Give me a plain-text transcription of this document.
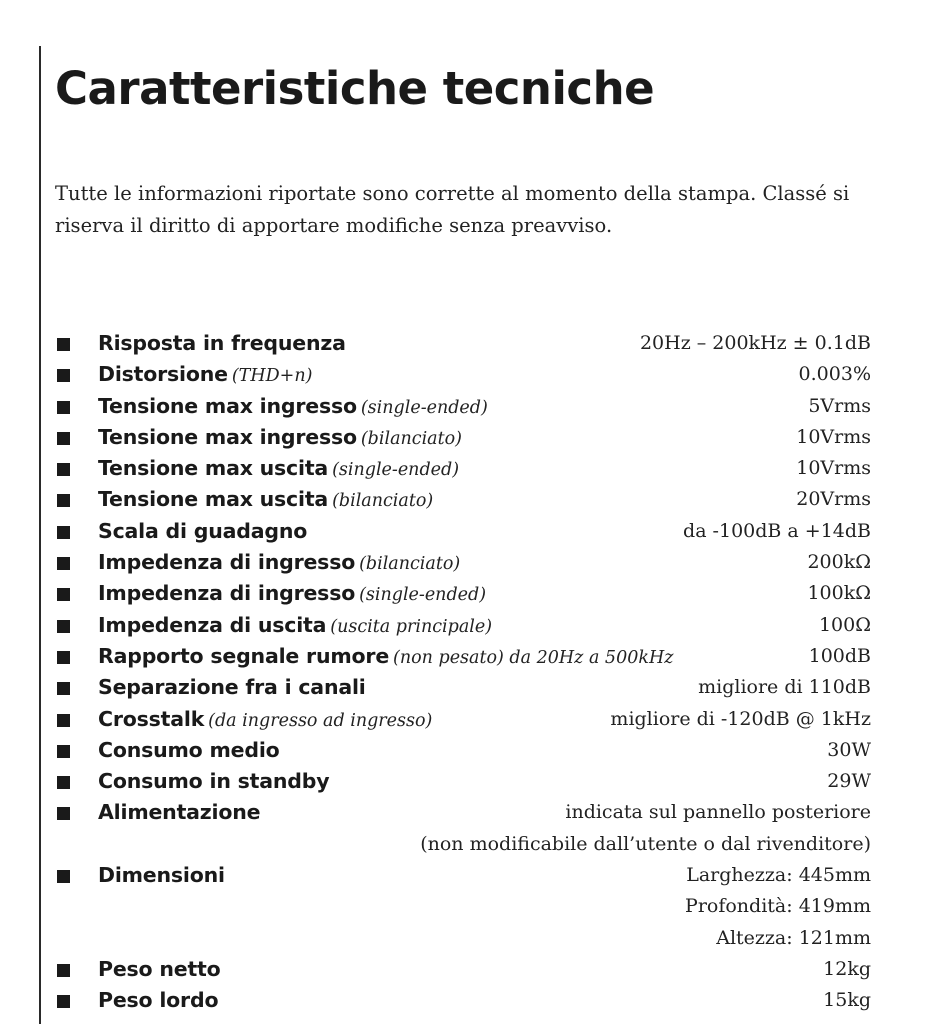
Caratteristiche tecniche

Tutte le informazioni riportate sono corrette al momento della stampa. Classé si riserva il diritto di apportare modifiche senza preavviso.

Risposta in frequenza	20Hz – 200kHz ± 0.1dB
Distorsione (THD+n)	0.003%
Tensione max ingresso (single-ended)	5Vrms
Tensione max ingresso (bilanciato)	10Vrms
Tensione max uscita (single-ended)	10Vrms
Tensione max uscita (bilanciato)	20Vrms
Scala di guadagno	da -100dB a +14dB
Impedenza di ingresso (bilanciato)	200kΩ
Impedenza di ingresso (single-ended)	100kΩ
Impedenza di uscita (uscita principale)	100Ω
Rapporto segnale rumore (non pesato) da 20Hz a 500kHz	100dB
Separazione fra i canali	migliore di 110dB
Crosstalk (da ingresso ad ingresso)	migliore di -120dB @ 1kHz
Consumo medio	30W
Consumo in standby	29W
Alimentazione	indicata sul pannello posteriore
(non modificabile dall’utente o dal rivenditore)
Dimensioni	Larghezza: 445mm
Profondità: 419mm
Altezza: 121mm
Peso netto	12kg
Peso lordo	15kg
